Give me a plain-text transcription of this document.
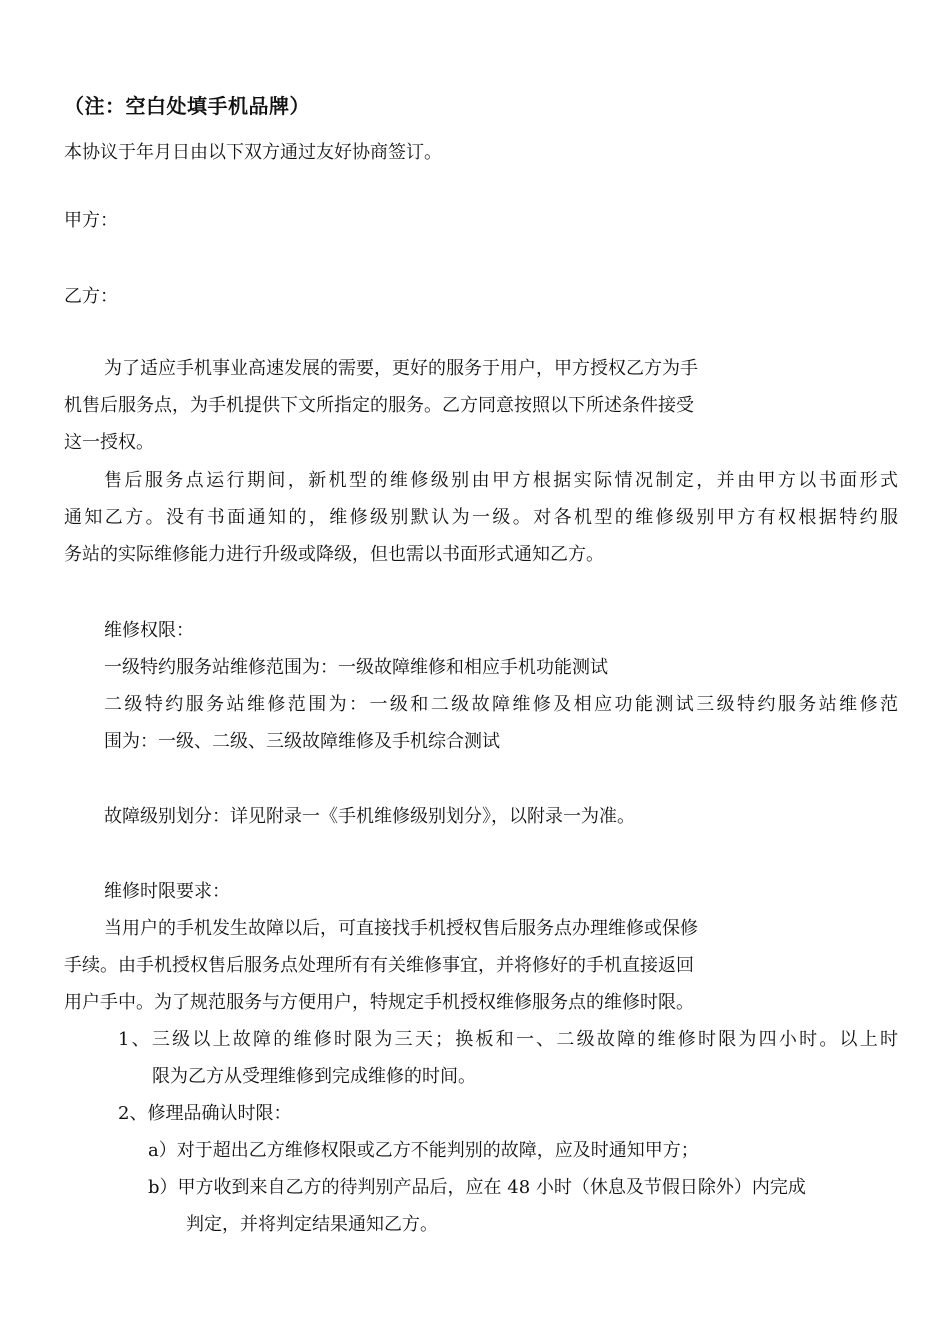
（注：空白处填手机品牌）
本协议于年月日由以下双方通过友好协商签订。
甲方：
乙方：
为了适应手机事业高速发展的需要，更好的服务于用户，甲方授权乙方为手
机售后服务点，为手机提供下文所指定的服务。乙方同意按照以下所述条件接受
这一授权。
售后服务点运行期间，新机型的维修级别由甲方根据实际情况制定，并由甲方以书面形式
通知乙方。没有书面通知的，维修级别默认为一级。对各机型的维修级别甲方有权根据特约服
务站的实际维修能力进行升级或降级，但也需以书面形式通知乙方。
维修权限：
一级特约服务站维修范围为：一级故障维修和相应手机功能测试
二级特约服务站维修范围为：一级和二级故障维修及相应功能测试三级特约服务站维修范
围为：一级、二级、三级故障维修及手机综合测试
故障级别划分：详见附录一《手机维修级别划分》，以附录一为准。
维修时限要求：
当用户的手机发生故障以后，可直接找手机授权售后服务点办理维修或保修
手续。由手机授权售后服务点处理所有有关维修事宜，并将修好的手机直接返回
用户手中。为了规范服务与方便用户，特规定手机授权维修服务点的维修时限。
1、三级以上故障的维修时限为三天；换板和一、二级故障的维修时限为四小时。以上时
限为乙方从受理维修到完成维修的时间。
2、修理品确认时限：
a）对于超出乙方维修权限或乙方不能判别的故障，应及时通知甲方；
b）甲方收到来自乙方的待判别产品后，应在 48 小时（休息及节假日除外）内完成
判定，并将判定结果通知乙方。
